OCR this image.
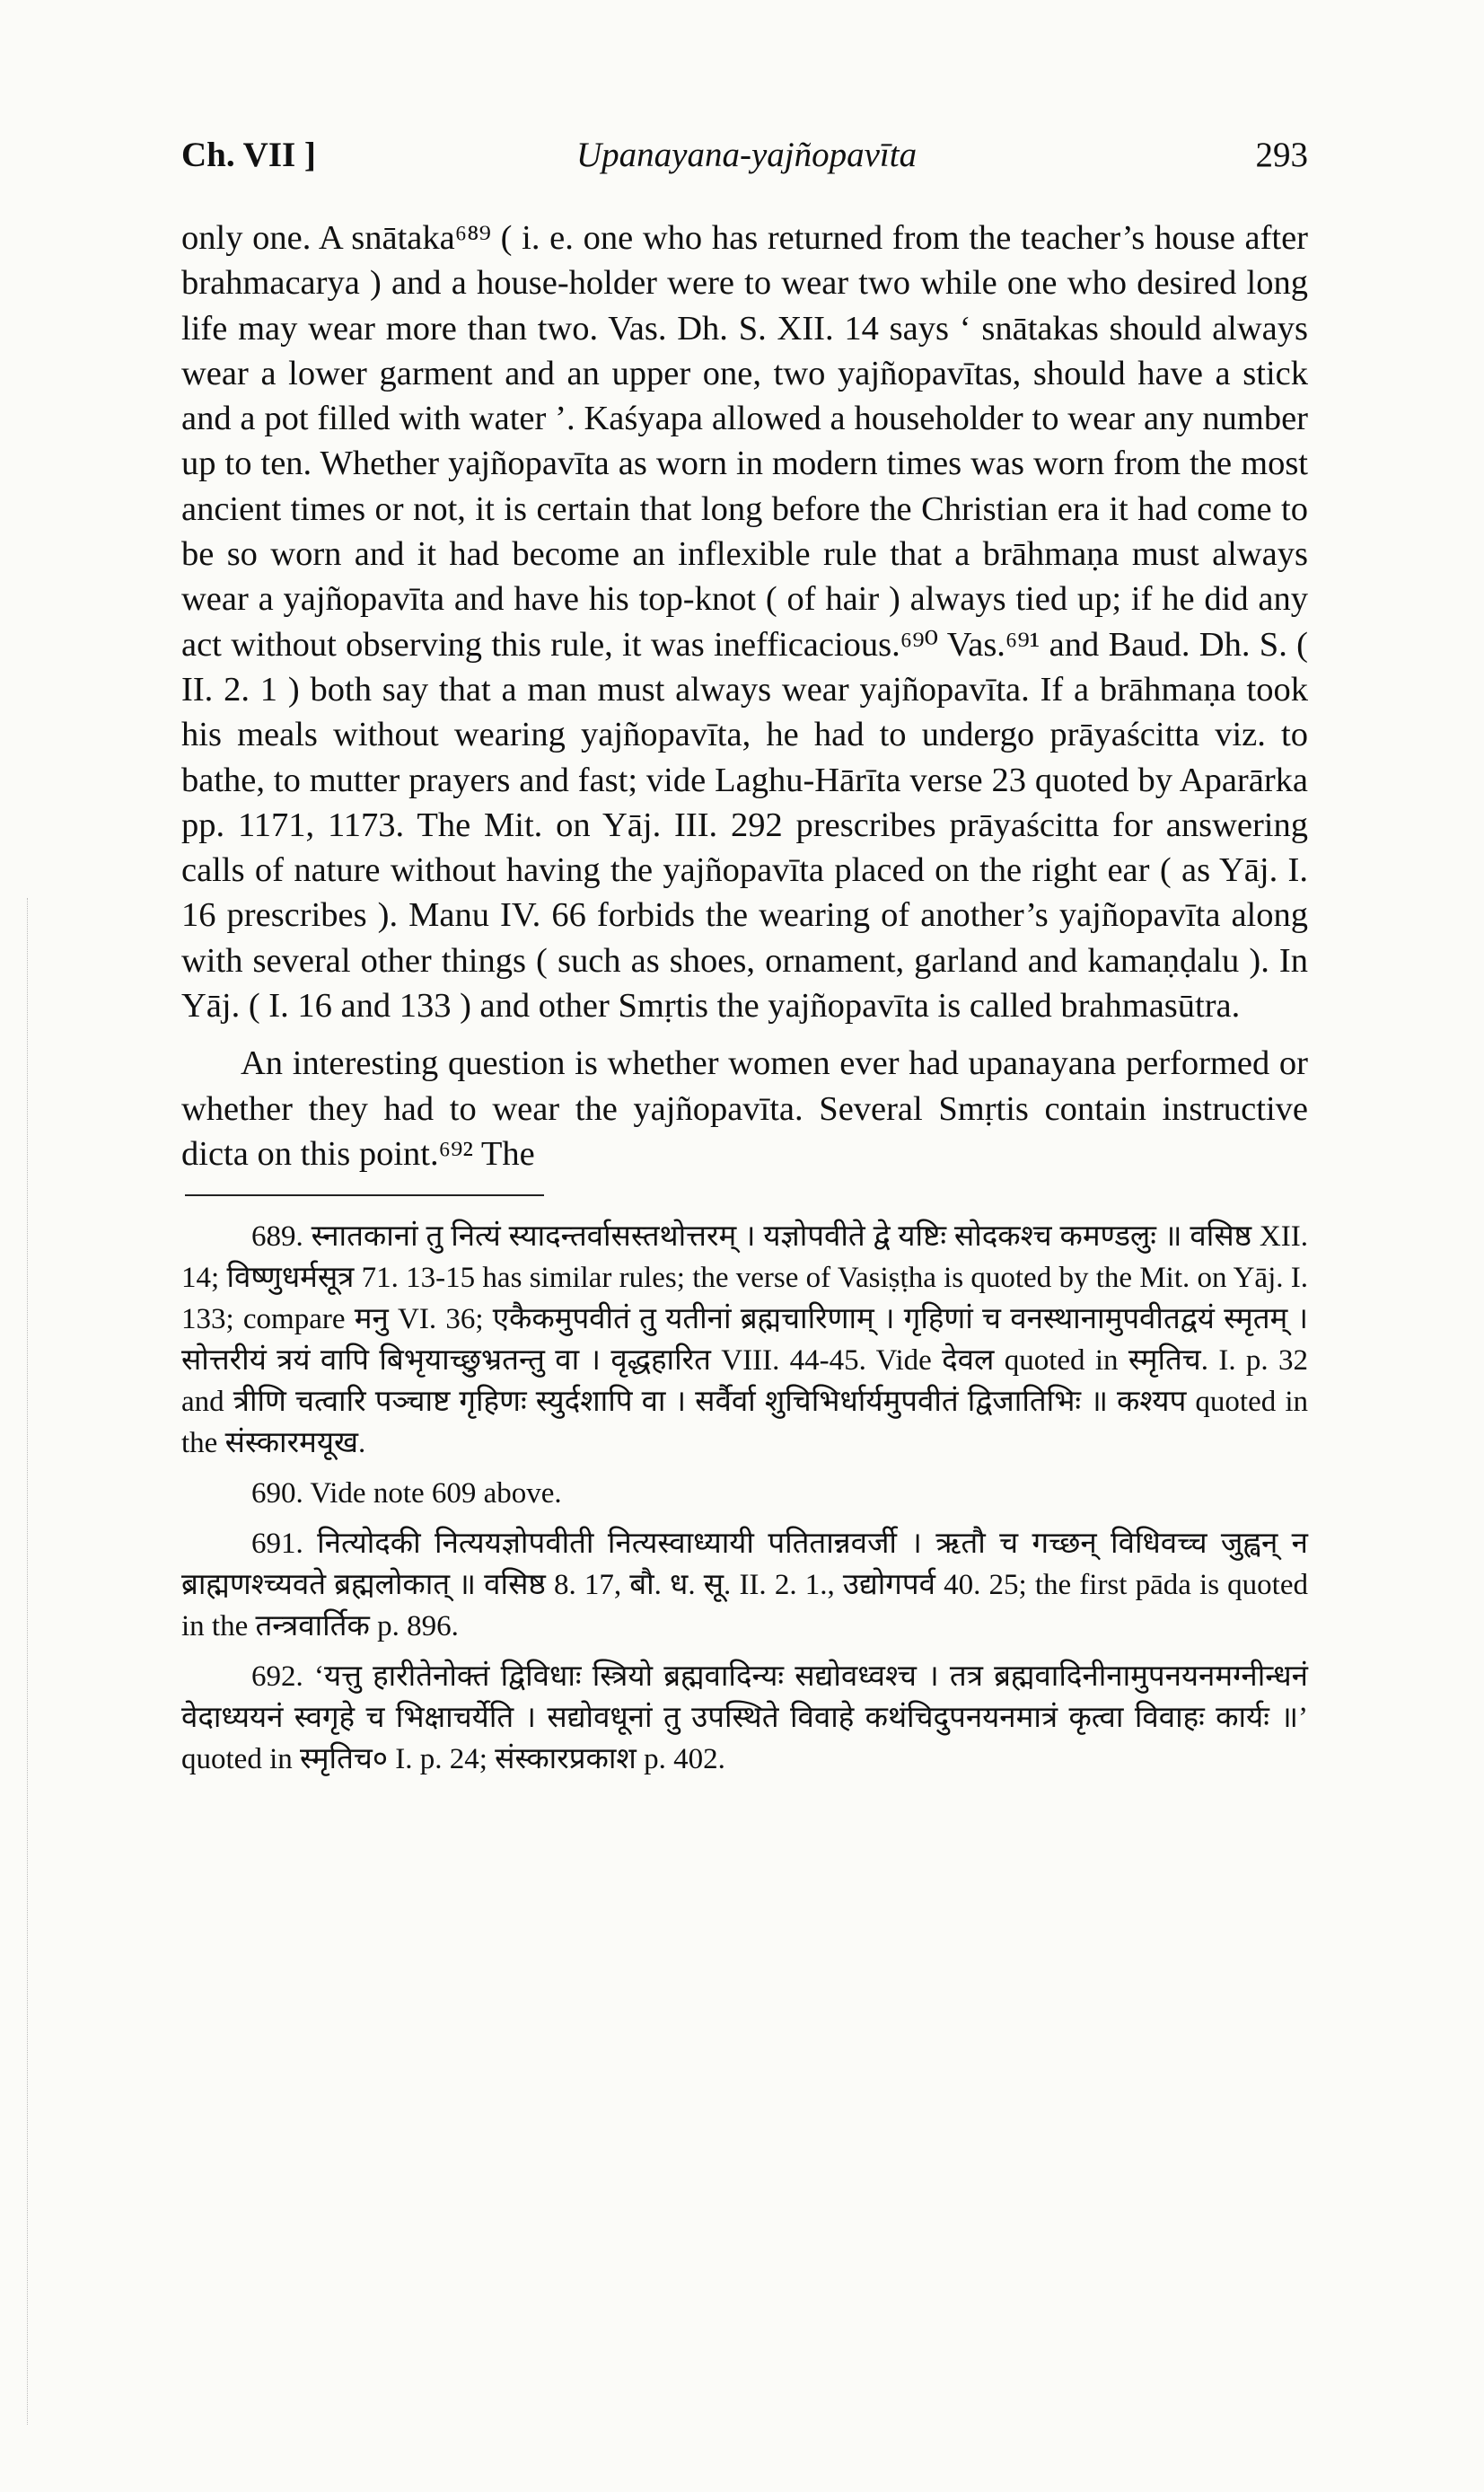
Ch. VII ]	Upanayana-yajñopavīta	293

only one. A snātaka⁶⁸⁹ ( i. e. one who has returned from the teacher’s house after brahmacarya ) and a house-holder were to wear two while one who desired long life may wear more than two. Vas. Dh. S. XII. 14 says ‘ snātakas should always wear a lower garment and an upper one, two yajñopavītas, should have a stick and a pot filled with water ’. Kaśyapa allowed a householder to wear any number up to ten. Whether yajñopavīta as worn in modern times was worn from the most ancient times or not, it is certain that long before the Christian era it had come to be so worn and it had become an inflexible rule that a brāhmaṇa must always wear a yajñopavīta and have his top-knot ( of hair ) always tied up; if he did any act without observing this rule, it was inefficacious.⁶⁹⁰ Vas.⁶⁹¹ and Baud. Dh. S. ( II. 2. 1 ) both say that a man must always wear yajñopavīta. If a brāhmaṇa took his meals without wearing yajñopavīta, he had to undergo prāyaścitta viz. to bathe, to mutter prayers and fast; vide Laghu-Hārīta verse 23 quoted by Aparārka pp. 1171, 1173. The Mit. on Yāj. III. 292 prescribes prāyaścitta for answering calls of nature without having the yajñopavīta placed on the right ear ( as Yāj. I. 16 prescribes ). Manu IV. 66 forbids the wearing of another’s yajñopavīta along with several other things ( such as shoes, ornament, garland and kamaṇḍalu ). In Yāj. ( I. 16 and 133 ) and other Smṛtis the yajñopavīta is called brahmasūtra.

An interesting question is whether women ever had upanayana performed or whether they had to wear the yajñopavīta. Several Smṛtis contain instructive dicta on this point.⁶⁹² The

689. स्नातकानां तु नित्यं स्यादन्तर्वासस्तथोत्तरम् । यज्ञोपवीते द्वे यष्टिः सोदकश्च कमण्डलुः ॥ वसिष्ठ XII. 14; विष्णुधर्मसूत्र 71. 13-15 has similar rules; the verse of Vasiṣṭha is quoted by the Mit. on Yāj. I. 133; compare मनु VI. 36; एकैकमुपवीतं तु यतीनां ब्रह्मचारिणाम् । गृहिणां च वनस्थानामुपवीतद्वयं स्मृतम् । सोत्तरीयं त्रयं वापि बिभृयाच्छुभ्रतन्तु वा । वृद्धहारित VIII. 44-45. Vide देवल quoted in स्मृतिच. I. p. 32 and त्रीणि चत्वारि पञ्चाष्ट गृहिणः स्युर्दशापि वा । सर्वैर्वा शुचिभिर्धार्यमुपवीतं द्विजातिभिः ॥ कश्यप quoted in the संस्कारमयूख.

690. Vide note 609 above.

691. नित्योदकी नित्ययज्ञोपवीती नित्यस्वाध्यायी पतितान्नवर्जी । ऋतौ च गच्छन् विधिवच्च जुह्वन् न ब्राह्मणश्च्यवते ब्रह्मलोकात् ॥ वसिष्ठ 8. 17, बौ. ध. सू. II. 2. 1., उद्योगपर्व 40. 25; the first pāda is quoted in the तन्त्रवार्तिक p. 896.

692. ‘यत्तु हारीतेनोक्तं द्विविधाः स्त्रियो ब्रह्मवादिन्यः सद्योवध्वश्च । तत्र ब्रह्मवादिनीनामुपनयनमग्नीन्धनं वेदाध्ययनं स्वगृहे च भिक्षाचर्येति । सद्योवधूनां तु उपस्थिते विवाहे कथंचिदुपनयनमात्रं कृत्वा विवाहः कार्यः ॥’ quoted in स्मृतिच० I. p. 24; संस्कारप्रकाश p. 402.
